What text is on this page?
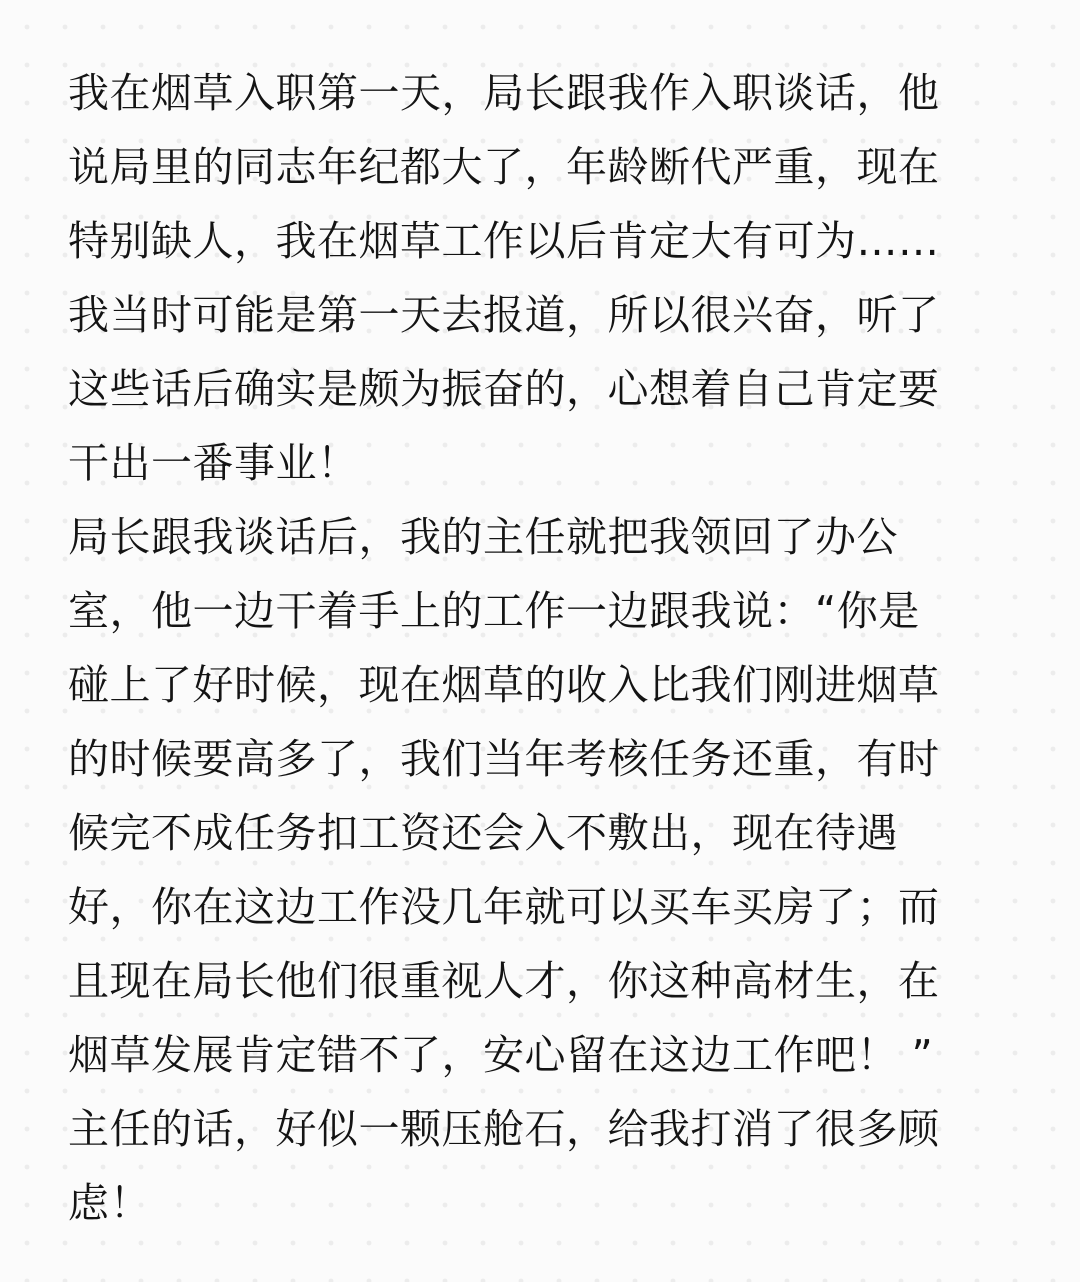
我在烟草入职第一天，局长跟我作入职谈话，他
说局里的同志年纪都大了，年龄断代严重，现在
特别缺人，我在烟草工作以后肯定大有可为……
我当时可能是第一天去报道，所以很兴奋，听了
这些话后确实是颇为振奋的，心想着自己肯定要
干出一番事业！
局长跟我谈话后，我的主任就把我领回了办公
室，他一边干着手上的工作一边跟我说：“你是
碰上了好时候，现在烟草的收入比我们刚进烟草
的时候要高多了，我们当年考核任务还重，有时
候完不成任务扣工资还会入不敷出，现在待遇
好，你在这边工作没几年就可以买车买房了；而
且现在局长他们很重视人才，你这种高材生，在
烟草发展肯定错不了，安心留在这边工作吧！ ”
主任的话，好似一颗压舱石，给我打消了很多顾
虑！
